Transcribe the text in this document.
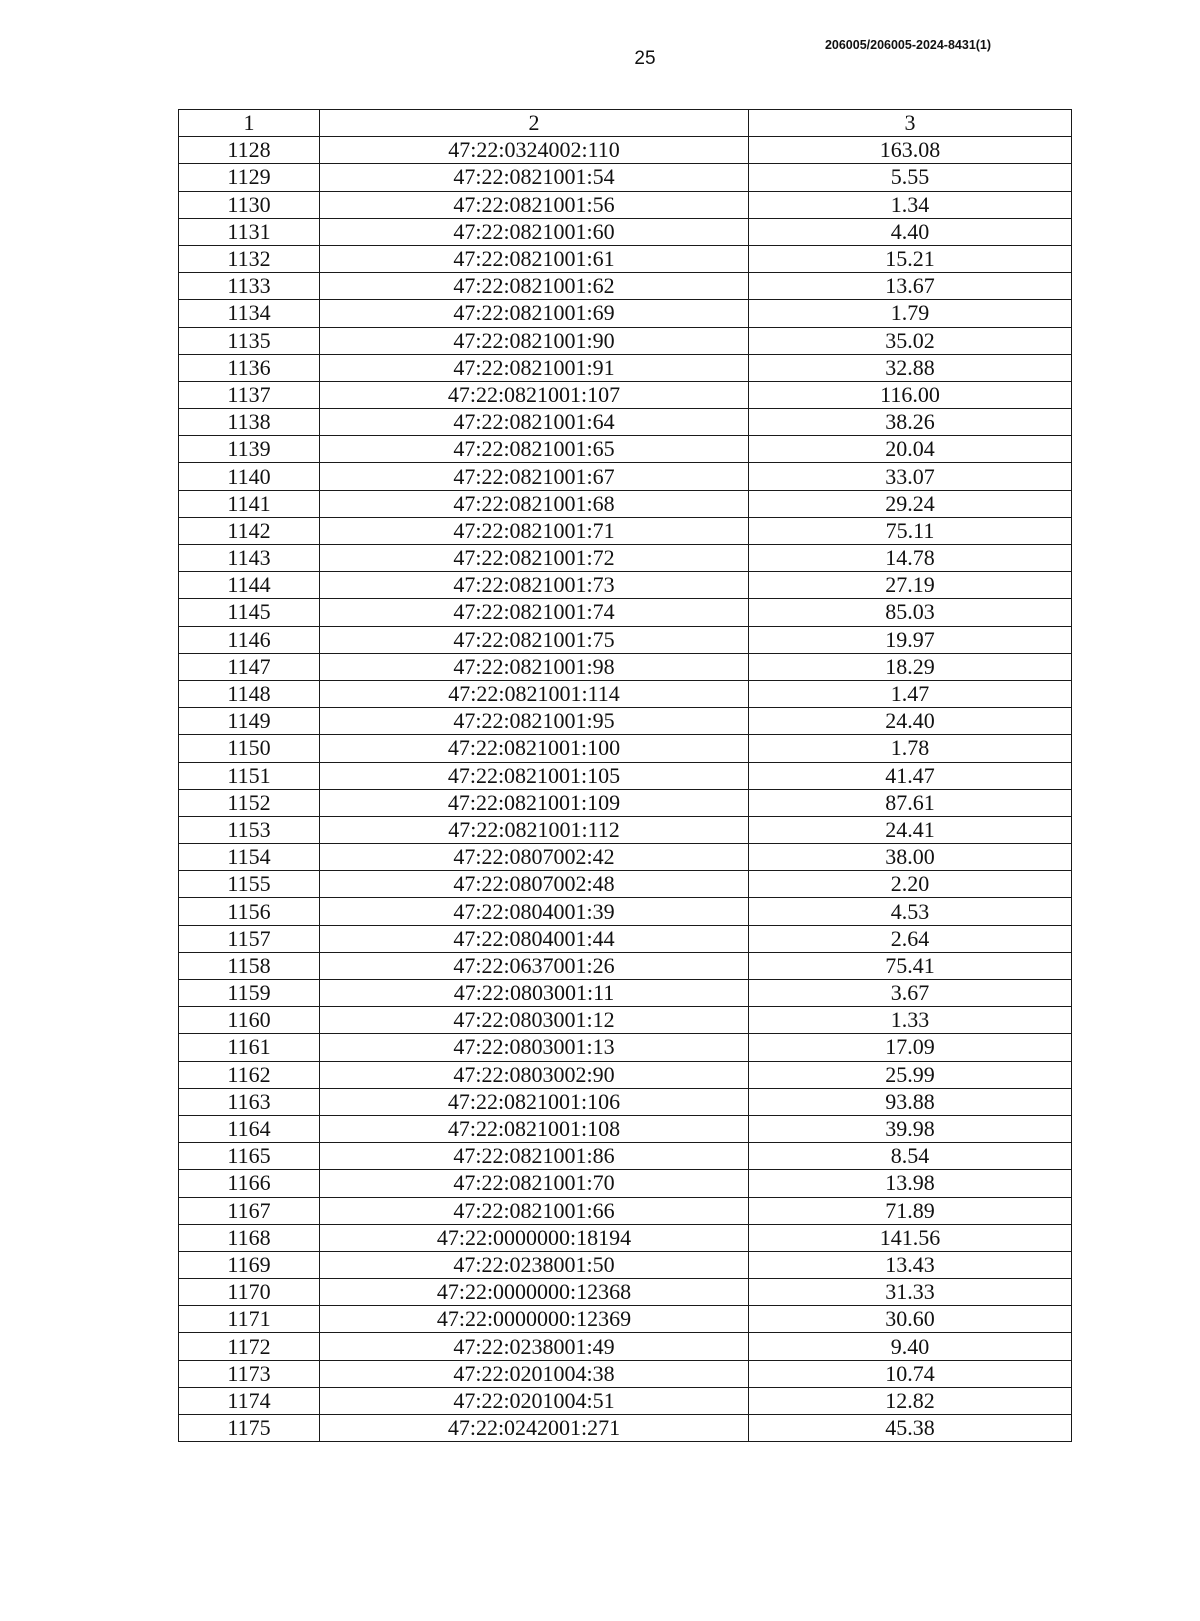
25
206005/206005-2024-8431(1)
1	2	3
1128	47:22:0324002:110	163.08
1129	47:22:0821001:54	5.55
1130	47:22:0821001:56	1.34
1131	47:22:0821001:60	4.40
1132	47:22:0821001:61	15.21
1133	47:22:0821001:62	13.67
1134	47:22:0821001:69	1.79
1135	47:22:0821001:90	35.02
1136	47:22:0821001:91	32.88
1137	47:22:0821001:107	116.00
1138	47:22:0821001:64	38.26
1139	47:22:0821001:65	20.04
1140	47:22:0821001:67	33.07
1141	47:22:0821001:68	29.24
1142	47:22:0821001:71	75.11
1143	47:22:0821001:72	14.78
1144	47:22:0821001:73	27.19
1145	47:22:0821001:74	85.03
1146	47:22:0821001:75	19.97
1147	47:22:0821001:98	18.29
1148	47:22:0821001:114	1.47
1149	47:22:0821001:95	24.40
1150	47:22:0821001:100	1.78
1151	47:22:0821001:105	41.47
1152	47:22:0821001:109	87.61
1153	47:22:0821001:112	24.41
1154	47:22:0807002:42	38.00
1155	47:22:0807002:48	2.20
1156	47:22:0804001:39	4.53
1157	47:22:0804001:44	2.64
1158	47:22:0637001:26	75.41
1159	47:22:0803001:11	3.67
1160	47:22:0803001:12	1.33
1161	47:22:0803001:13	17.09
1162	47:22:0803002:90	25.99
1163	47:22:0821001:106	93.88
1164	47:22:0821001:108	39.98
1165	47:22:0821001:86	8.54
1166	47:22:0821001:70	13.98
1167	47:22:0821001:66	71.89
1168	47:22:0000000:18194	141.56
1169	47:22:0238001:50	13.43
1170	47:22:0000000:12368	31.33
1171	47:22:0000000:12369	30.60
1172	47:22:0238001:49	9.40
1173	47:22:0201004:38	10.74
1174	47:22:0201004:51	12.82
1175	47:22:0242001:271	45.38
